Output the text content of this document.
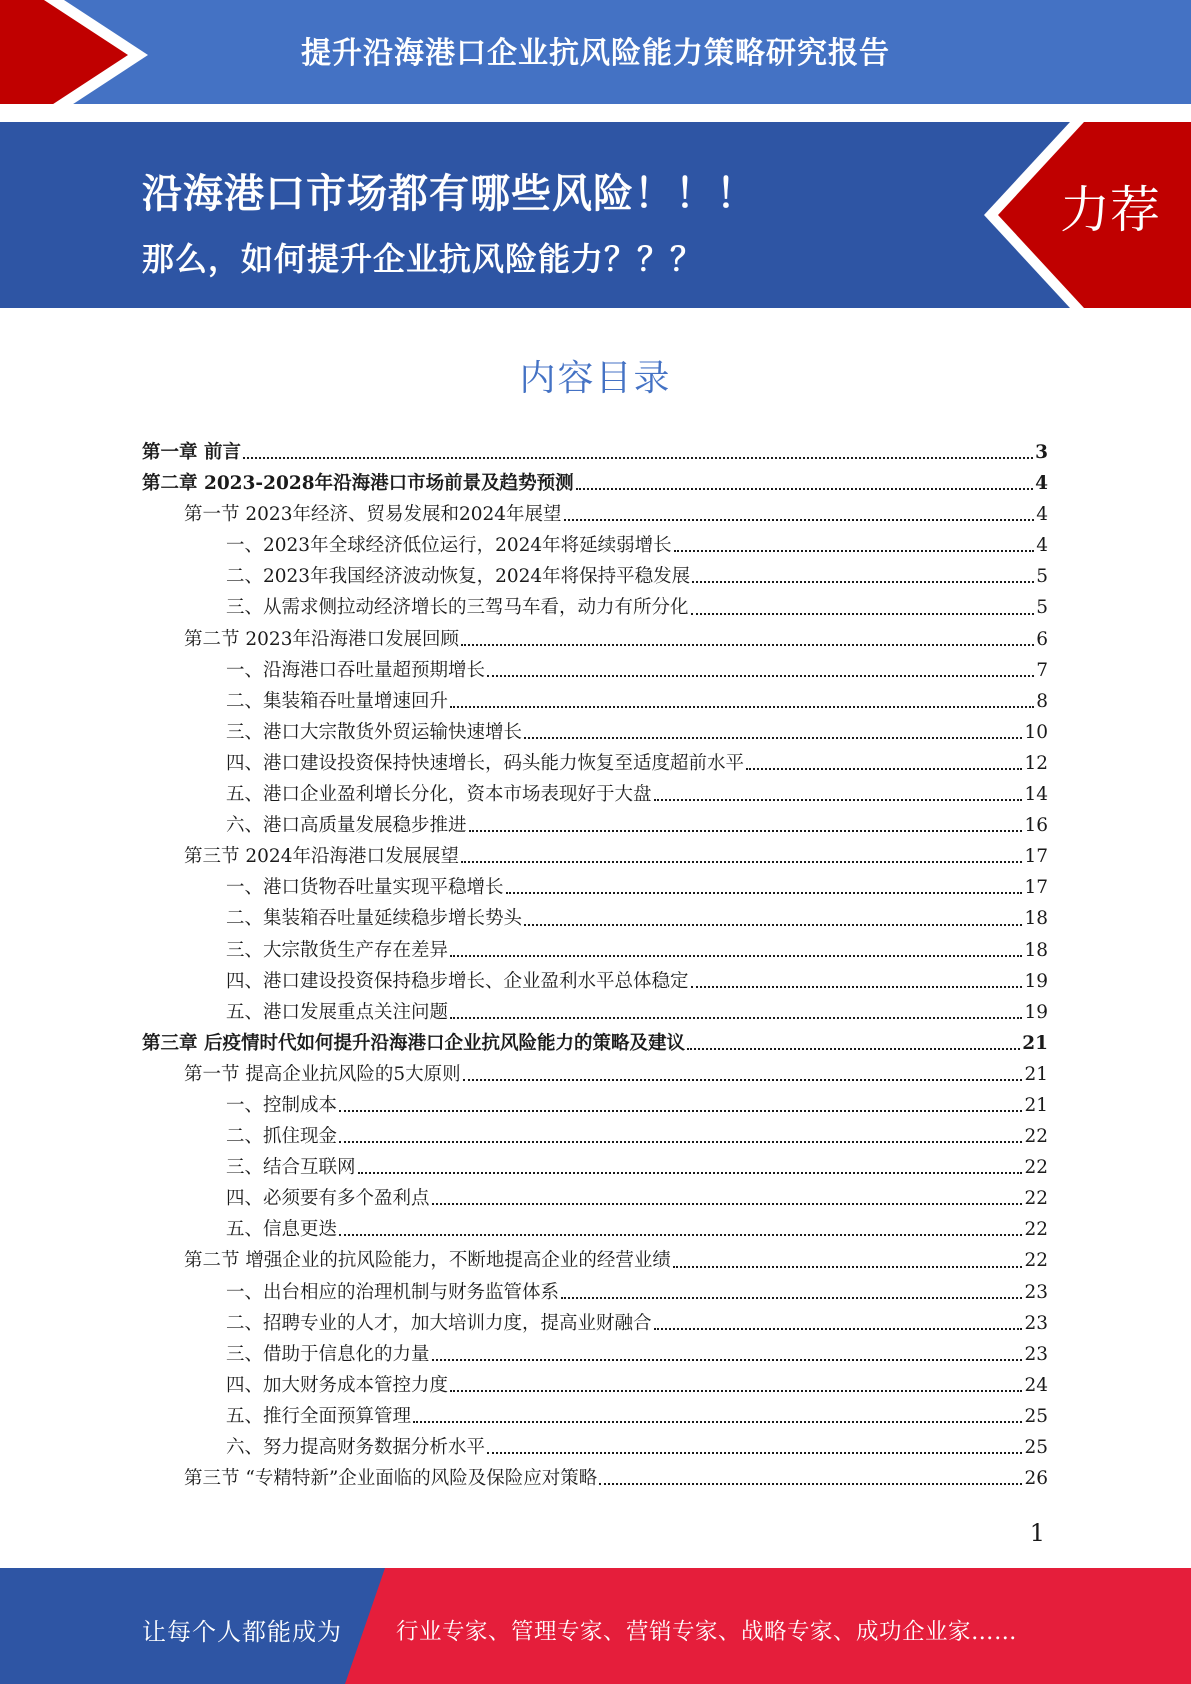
提升沿海港口企业抗风险能力策略研究报告
沿海港口市场都有哪些风险！！！
那么，如何提升企业抗风险能力？？？
力荐
内容目录
第一章 前言	3
第二章 2023-2028年沿海港口市场前景及趋势预测	4
第一节 2023年经济、贸易发展和2024年展望	4
一、2023年全球经济低位运行，2024年将延续弱增长	4
二、2023年我国经济波动恢复，2024年将保持平稳发展	5
三、从需求侧拉动经济增长的三驾马车看，动力有所分化	5
第二节 2023年沿海港口发展回顾	6
一、沿海港口吞吐量超预期增长	7
二、集装箱吞吐量增速回升	8
三、港口大宗散货外贸运输快速增长	10
四、港口建设投资保持快速增长，码头能力恢复至适度超前水平	12
五、港口企业盈利增长分化，资本市场表现好于大盘	14
六、港口高质量发展稳步推进	16
第三节 2024年沿海港口发展展望	17
一、港口货物吞吐量实现平稳增长	17
二、集装箱吞吐量延续稳步增长势头	18
三、大宗散货生产存在差异	18
四、港口建设投资保持稳步增长、企业盈利水平总体稳定	19
五、港口发展重点关注问题	19
第三章 后疫情时代如何提升沿海港口企业抗风险能力的策略及建议	21
第一节 提高企业抗风险的5大原则	21
一、控制成本	21
二、抓住现金	22
三、结合互联网	22
四、必须要有多个盈利点	22
五、信息更迭	22
第二节 增强企业的抗风险能力，不断地提高企业的经营业绩	22
一、出台相应的治理机制与财务监管体系	23
二、招聘专业的人才，加大培训力度，提高业财融合	23
三、借助于信息化的力量	23
四、加大财务成本管控力度	24
五、推行全面预算管理	25
六、努力提高财务数据分析水平	25
第三节 “专精特新”企业面临的风险及保险应对策略	26
1
让每个人都能成为 行业专家、管理专家、营销专家、战略专家、成功企业家……
